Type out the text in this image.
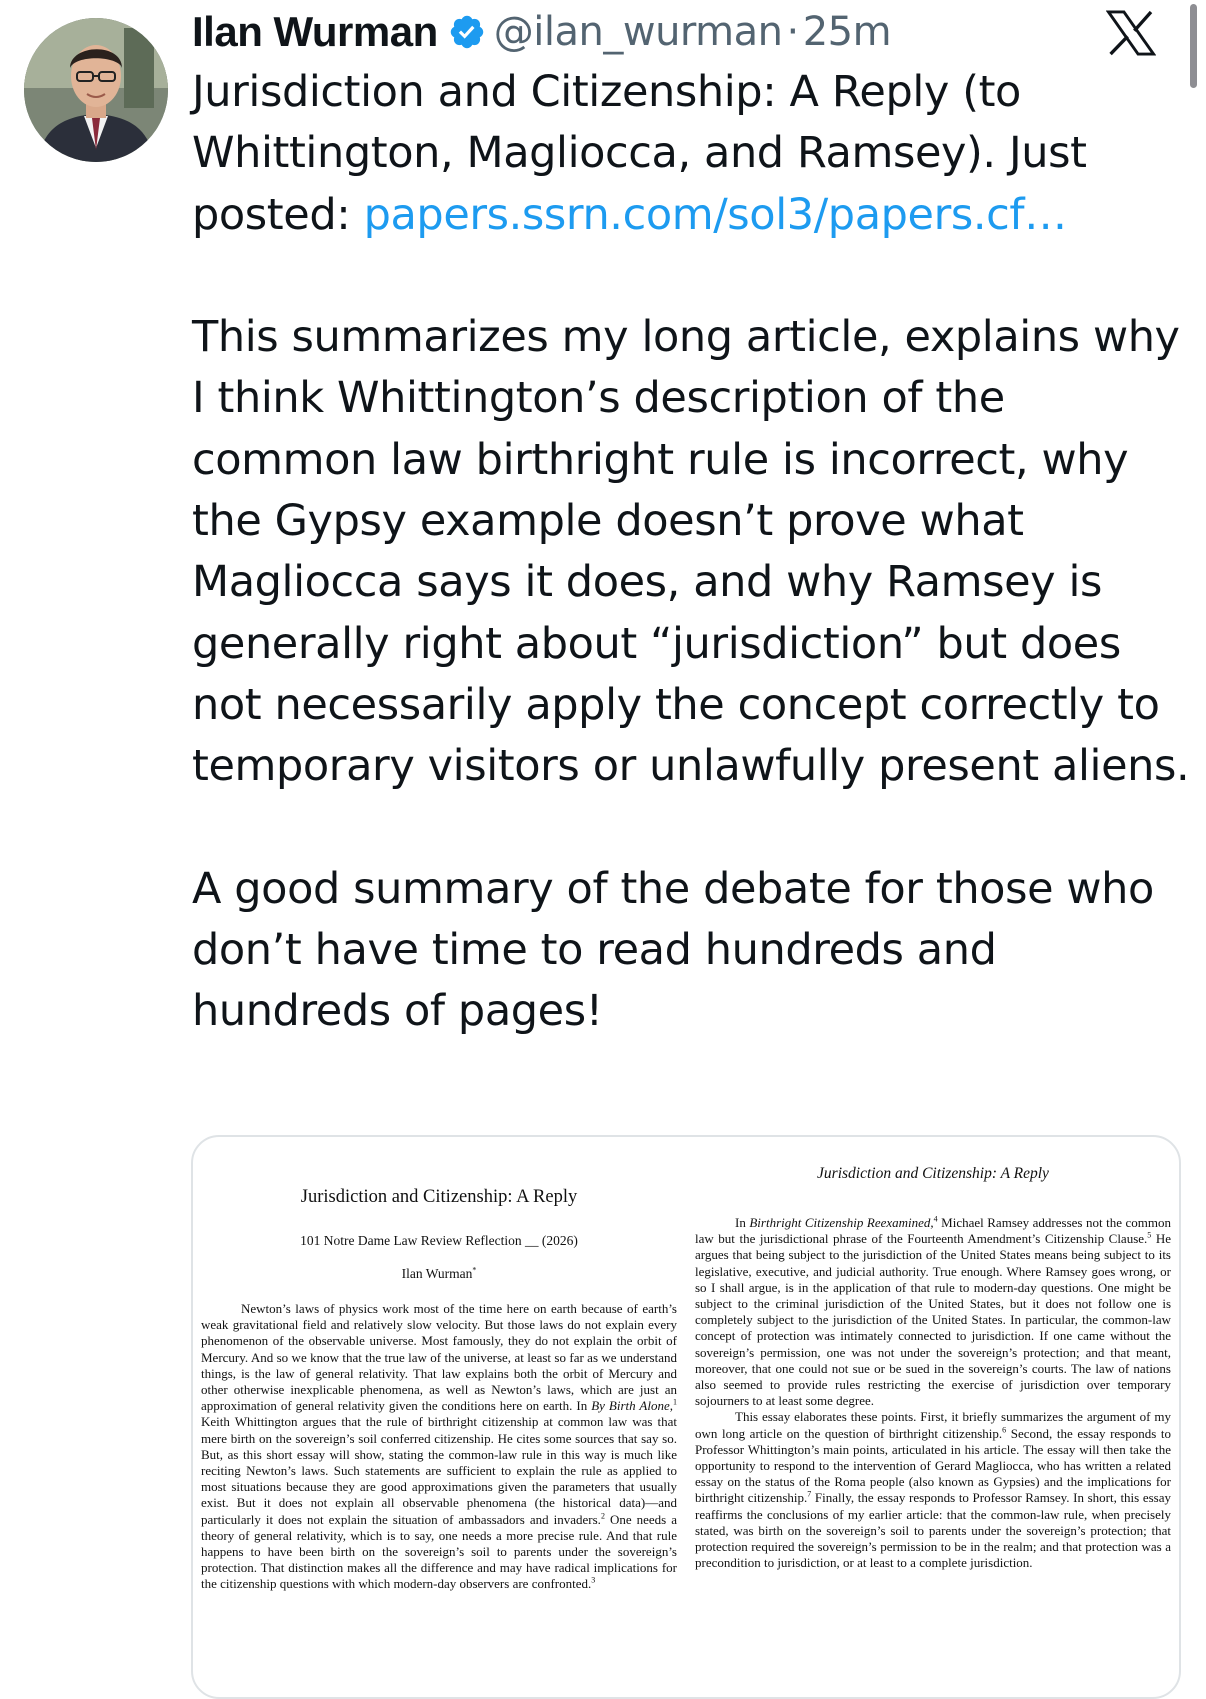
Ilan Wurman @ilan_wurman · 25m

Jurisdiction and Citizenship: A Reply (to Whittington, Magliocca, and Ramsey). Just posted: papers.ssrn.com/sol3/papers.cf…

This summarizes my long article, explains why I think Whittington’s description of the common law birthright rule is incorrect, why the Gypsy example doesn’t prove what Magliocca says it does, and why Ramsey is generally right about “jurisdiction” but does not necessarily apply the concept correctly to temporary visitors or unlawfully present aliens.

A good summary of the debate for those who don’t have time to read hundreds and hundreds of pages!

Jurisdiction and Citizenship: A Reply
101 Notre Dame Law Review Reflection __ (2026)
Ilan Wurman*

Newton’s laws of physics work most of the time here on earth because of earth’s weak gravitational field and relatively slow velocity. But those laws do not explain every phenomenon of the observable universe. Most famously, they do not explain the orbit of Mercury. And so we know that the true law of the universe, at least so far as we understand things, is the law of general relativity. That law explains both the orbit of Mercury and other otherwise inexplicable phenomena, as well as Newton’s laws, which are just an approximation of general relativity given the conditions here on earth. In By Birth Alone,$^1$ Keith Whittington argues that the rule of birthright citizenship at common law was that mere birth on the sovereign’s soil conferred citizenship. He cites some sources that say so. But, as this short essay will show, stating the common-law rule in this way is much like reciting Newton’s laws. Such statements are sufficient to explain the rule as applied to most situations because they are good approximations given the parameters that usually exist. But it does not explain all observable phenomena (the historical data)—and particularly it does not explain the situation of ambassadors and invaders.$^2$ One needs a theory of general relativity, which is to say, one needs a more precise rule. And that rule happens to have been birth on the sovereign’s soil to parents under the sovereign’s protection. That distinction makes all the difference and may have radical implications for the citizenship questions with which modern-day observers are confronted.$^3$

Jurisdiction and Citizenship: A Reply

In Birthright Citizenship Reexamined,$^4$ Michael Ramsey addresses not the common law but the jurisdictional phrase of the Fourteenth Amendment’s Citizenship Clause.$^5$ He argues that being subject to the jurisdiction of the United States means being subject to its legislative, executive, and judicial authority. True enough. Where Ramsey goes wrong, or so I shall argue, is in the application of that rule to modern-day questions. One might be subject to the criminal jurisdiction of the United States, but it does not follow one is completely subject to the jurisdiction of the United States. In particular, the common-law concept of protection was intimately connected to jurisdiction. If one came without the sovereign’s permission, one was not under the sovereign’s protection; and that meant, moreover, that one could not sue or be sued in the sovereign’s courts. The law of nations also seemed to provide rules restricting the exercise of jurisdiction over temporary sojourners to at least some degree.

This essay elaborates these points. First, it briefly summarizes the argument of my own long article on the question of birthright citizenship.$^6$ Second, the essay responds to Professor Whittington’s main points, articulated in his article. The essay will then take the opportunity to respond to the intervention of Gerard Magliocca, who has written a related essay on the status of the Roma people (also known as Gypsies) and the implications for birthright citizenship.$^7$ Finally, the essay responds to Professor Ramsey. In short, this essay reaffirms the conclusions of my earlier article: that the common-law rule, when precisely stated, was birth on the sovereign’s soil to parents under the sovereign’s protection; that protection required the sovereign’s permission to be in the realm; and that protection was a precondition to jurisdiction, or at least to a complete jurisdiction.
